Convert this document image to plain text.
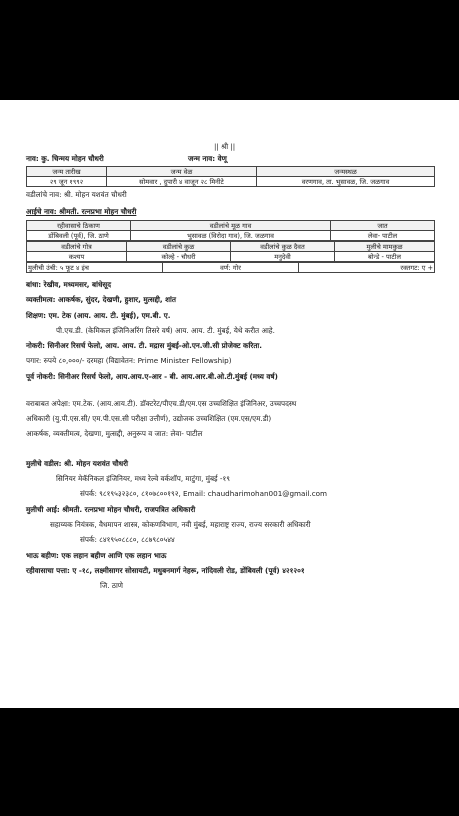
|| श्री ||
नाव: कु. चिन्मय मोहन चौधरी	जन्म नाव: वेणू
जन्म तारीख	जन्म वेळ	जन्मस्थळ
२९ जून १९९२	सोमवार , दुपारी ४ वाजून २८ मिनीटे	वरणगाव, ता. भुसावळ, जि. जळगाव
वडीलांचे नाव: श्री. मोहन यशवंत चौधरी
आईचे नाव: श्रीमती. रत्नप्रभा मोहन चौधरी
रहीवासाचे ठिकाण	वडीलांचे मूळ गाव	जात
डोंबिवली (पूर्व), जि. ठाणे	भुसावळ (विरोदा गाव), जि. जळगाव	लेवा- पाटील
वडीलांचे गोत्र	वडीलांचे कुळ	वडीलांचे कुळ दैवत	मुलीचे मामकुळ
कश्यप	कोल्हे - चौधरी	मनुदेवी	बोन्डे - पाटील
मुलीची उंची: ५ फूट ४ इंच	वर्ण: गोर	रक्तगट: ए +
बांधा: रेखीव, मध्यमसर, बांधेसूद
व्यक्तीमत्व: आकर्षक, सुंदर, देखणी, हुशार, मुत्सद्दी, शांत
शिक्षण: एम. टेक (आय. आय. टी. मुंबई), एम.बी. ए.
पी.एच.डी. (केमिकल इंजिनिअरिंग तिसरे वर्ष) आय. आय. टी. मुंबई, येथे करीत आहे.
नोकरी: सिनीअर रिसर्च फेलो, आय. आय. टी. मद्रास मुंबई-ओ.एन.जी.सी प्रोजेक्ट करिता.
पगार: रुपये ८०,०००/- दरमहा (विद्यावेतन: Prime Minister Fellowship)
पूर्व नोकरी: सिनीअर रिसर्च फेलो, आय.आय.ए-आर - बी. आय.आर.बी.ओ.टी.मुंबई (मध्य वर्ष)
वराबाबत अपेक्षा: एम.टेक. (आय.आय.टी). डॉक्टरेट/पीएच.डी/एम.एस उच्चशिक्षित इंजिनिअर, उच्चपदस्थ
अधिकारी (यु.पी.एस.सी/ एम.पी.एस.सी परीक्षा उत्तीर्ण), उद्योजक उच्चशिक्षित (एम.एस/एम.डी)
आकर्षक, व्यक्तीमत्व, देखणा, मुत्सद्दी, अनुरूप व जात: लेवा- पाटील
मुलीचे वडील: श्री. मोहन यशवंत चौधरी
सिनियर मेकॅनिकल इंजिनियर, मध्य रेल्वे वर्कशॉप, माटुंगा, मुंबई -१९
संपर्क: ९८१९५३२३८०, ८१०७८००१९२, Email: chaudharimohan001@gmail.com
मुलीची आई: श्रीमती. रत्नप्रभा मोहन चौधरी, राजपत्रित अधिकारी
सहाय्यक नियंत्रक, वैधमापन शास्त्र, कोकणविभाग, नवी मुंबई, महाराष्ट्र राज्य, राज्य सरकारी अधिकारी
संपर्क: ८४१९५०८८८०, ८८७९८०५४४
भाऊ बहीण: एक लहान बहीण आणि एक लहान भाऊ
रहीवासाचा पत्ता: ए -१८, लक्ष्मीसागर सोसायटी, मधुबनमार्ग नेहरू, नांदिवली रोड, डोंबिवली (पूर्व) ४२१२०१
जि. ठाणे
